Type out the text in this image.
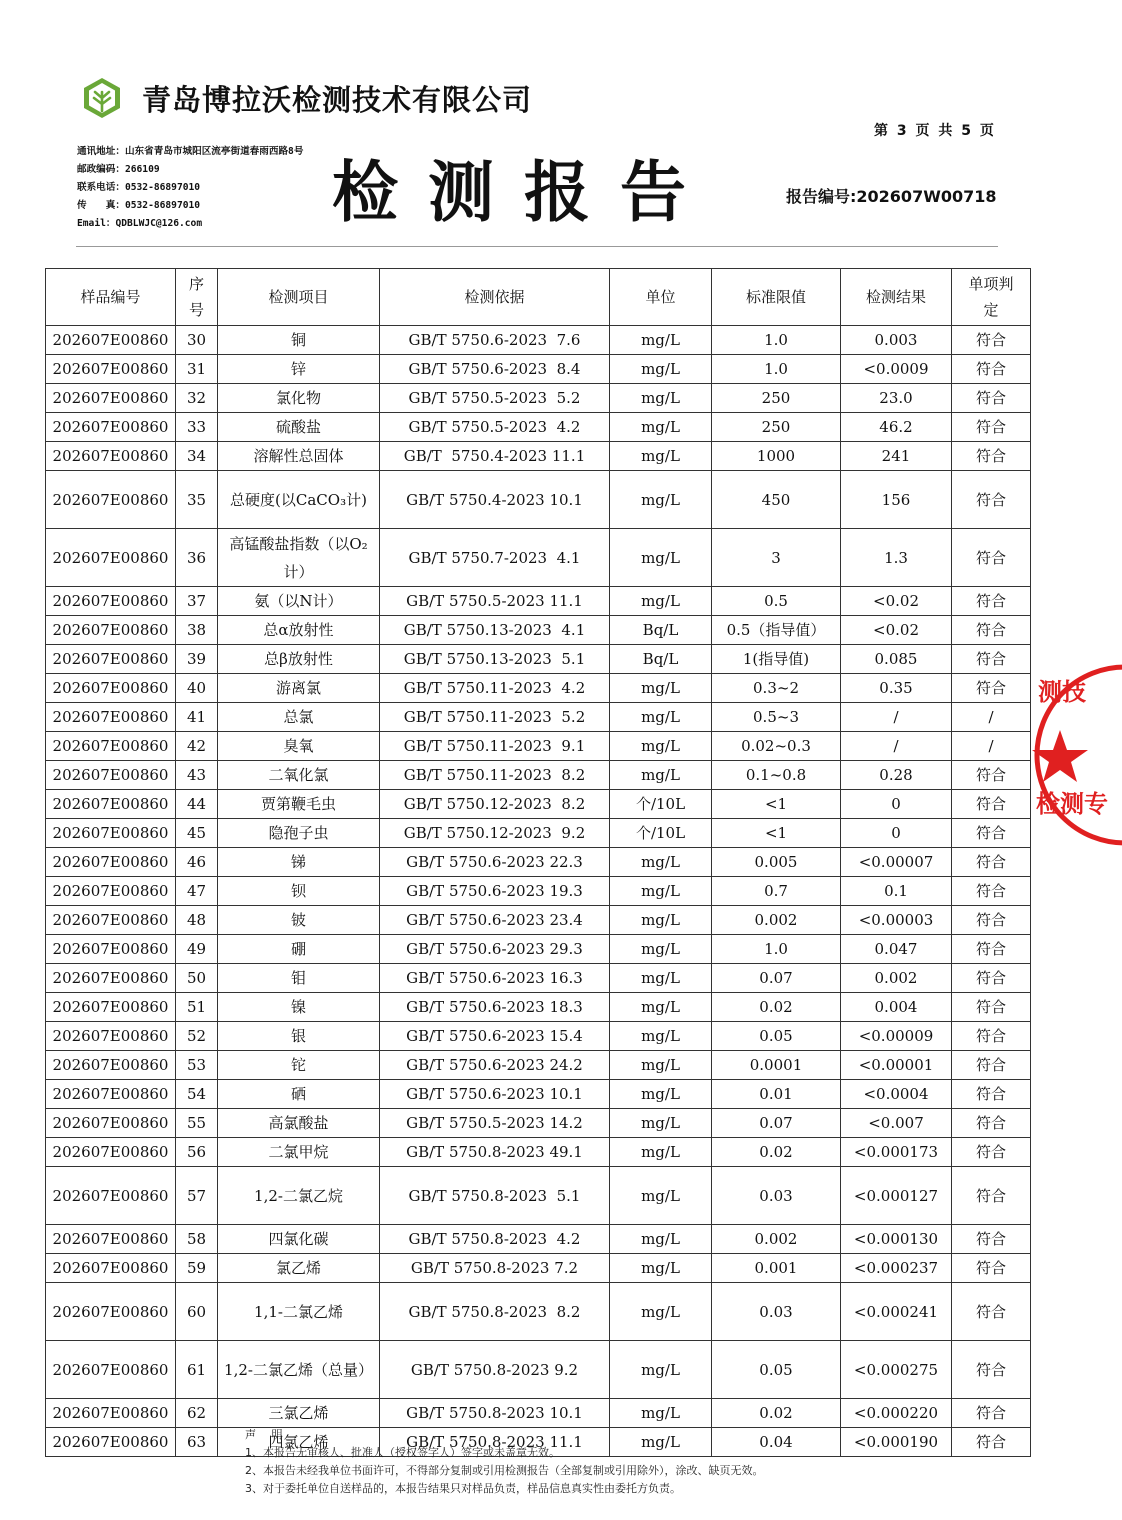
青岛博拉沃检测技术有限公司
第 3 页 共 5 页
通讯地址：山东省青岛市城阳区流亭街道春雨西路8号
邮政编码：266109
联系电话：0532-86897010
传　　真：0532-86897010
Email：QDBLWJC@126.com	检测报告	报告编号:202607W00718
样品编号	序号	检测项目	检测依据	单位	标准限值	检测结果	单项判定
202607E00860	30	铜	GB/T 5750.6-2023  7.6	mg/L	1.0	0.003	符合
202607E00860	31	锌	GB/T 5750.6-2023  8.4	mg/L	1.0	<0.0009	符合
202607E00860	32	氯化物	GB/T 5750.5-2023  5.2	mg/L	250	23.0	符合
202607E00860	33	硫酸盐	GB/T 5750.5-2023  4.2	mg/L	250	46.2	符合
202607E00860	34	溶解性总固体	GB/T  5750.4-2023 11.1	mg/L	1000	241	符合
202607E00860	35	总硬度(以CaCO₃计)	GB/T 5750.4-2023 10.1	mg/L	450	156	符合
202607E00860	36	高锰酸盐指数（以O₂计）	GB/T 5750.7-2023  4.1	mg/L	3	1.3	符合
202607E00860	37	氨（以N计）	GB/T 5750.5-2023 11.1	mg/L	0.5	<0.02	符合
202607E00860	38	总α放射性	GB/T 5750.13-2023  4.1	Bq/L	0.5（指导值）	<0.02	符合
202607E00860	39	总β放射性	GB/T 5750.13-2023  5.1	Bq/L	1(指导值)	0.085	符合
202607E00860	40	游离氯	GB/T 5750.11-2023  4.2	mg/L	0.3~2	0.35	符合
202607E00860	41	总氯	GB/T 5750.11-2023  5.2	mg/L	0.5~3	/	/
202607E00860	42	臭氧	GB/T 5750.11-2023  9.1	mg/L	0.02~0.3	/	/
202607E00860	43	二氧化氯	GB/T 5750.11-2023  8.2	mg/L	0.1~0.8	0.28	符合
202607E00860	44	贾第鞭毛虫	GB/T 5750.12-2023  8.2	个/10L	<1	0	符合
202607E00860	45	隐孢子虫	GB/T 5750.12-2023  9.2	个/10L	<1	0	符合
202607E00860	46	锑	GB/T 5750.6-2023 22.3	mg/L	0.005	<0.00007	符合
202607E00860	47	钡	GB/T 5750.6-2023 19.3	mg/L	0.7	0.1	符合
202607E00860	48	铍	GB/T 5750.6-2023 23.4	mg/L	0.002	<0.00003	符合
202607E00860	49	硼	GB/T 5750.6-2023 29.3	mg/L	1.0	0.047	符合
202607E00860	50	钼	GB/T 5750.6-2023 16.3	mg/L	0.07	0.002	符合
202607E00860	51	镍	GB/T 5750.6-2023 18.3	mg/L	0.02	0.004	符合
202607E00860	52	银	GB/T 5750.6-2023 15.4	mg/L	0.05	<0.00009	符合
202607E00860	53	铊	GB/T 5750.6-2023 24.2	mg/L	0.0001	<0.00001	符合
202607E00860	54	硒	GB/T 5750.6-2023 10.1	mg/L	0.01	<0.0004	符合
202607E00860	55	高氯酸盐	GB/T 5750.5-2023 14.2	mg/L	0.07	<0.007	符合
202607E00860	56	二氯甲烷	GB/T 5750.8-2023 49.1	mg/L	0.02	<0.000173	符合
202607E00860	57	1,2-二氯乙烷	GB/T 5750.8-2023  5.1	mg/L	0.03	<0.000127	符合
202607E00860	58	四氯化碳	GB/T 5750.8-2023  4.2	mg/L	0.002	<0.000130	符合
202607E00860	59	氯乙烯	GB/T 5750.8-2023 7.2	mg/L	0.001	<0.000237	符合
202607E00860	60	1,1-二氯乙烯	GB/T 5750.8-2023  8.2	mg/L	0.03	<0.000241	符合
202607E00860	61	1,2-二氯乙烯（总量）	GB/T 5750.8-2023 9.2	mg/L	0.05	<0.000275	符合
202607E00860	62	三氯乙烯	GB/T 5750.8-2023 10.1	mg/L	0.02	<0.000220	符合
202607E00860	63	四氯乙烯	GB/T 5750.8-2023 11.1	mg/L	0.04	<0.000190	符合
测技
检测专
声 明
1、本报告无审核人、批准人（授权签字人）签字或未盖章无效。
2、本报告未经我单位书面许可，不得部分复制或引用检测报告（全部复制或引用除外），涂改、缺页无效。
3、对于委托单位自送样品的，本报告结果只对样品负责，样品信息真实性由委托方负责。
